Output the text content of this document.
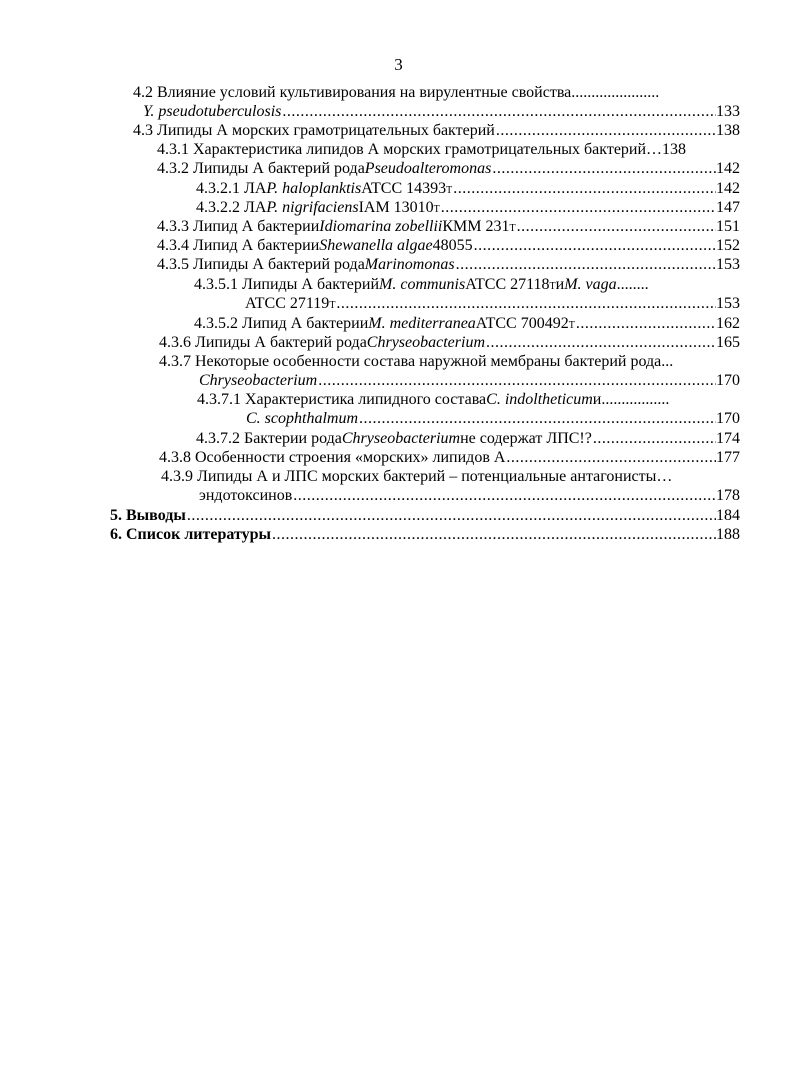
3
4.2 Влияние условий культивирования на вирулентные свойства ......................
Y. pseudotuberculosis .....	133
4.3 Липиды А морских грамотрицательных бактерий .....	138
4.3.1 Характеристика липидов А морских грамотрицательных бактерий… 138
4.3.2 Липиды А бактерий рода Pseudoalteromonas .....	142
4.3.2.1 ЛА P. haloplanktis ATCC 14393 T .....	142
4.3.2.2 ЛА P. nigrifaciens IAM 13010 T .....	147
4.3.3 Липид А бактерии Idiomarina zobellii КММ 231 T .....	151
4.3.4 Липид А бактерии Shewanella algae 48055 .....	152
4.3.5 Липиды А бактерий рода Marinomonas .....	153
4.3.5.1 Липиды А бактерий M. communis ATCC 27118 T и M. vaga ........
ATCC 27119 T .....	153
4.3.5.2 Липид А бактерии M. mediterranea ATCC 700492 T .....	162
4.3.6 Липиды А бактерий рода Chryseobacterium .....	165
4.3.7 Некоторые особенности состава наружной мембраны бактерий рода...
Chryseobacterium .....	170
4.3.7.1 Характеристика липидного состава C. indoltheticum и .................
C. scophthalmum .....	170
4.3.7.2 Бактерии рода Chryseobacterium не содержат ЛПС!? .....	174
4.3.8 Особенности строения «морских» липидов А .....	177
4.3.9 Липиды А и ЛПС морских бактерий – потенциальные антагонисты…
эндотоксинов .....	178
5. Выводы .....	184
6. Список литературы .....	188
